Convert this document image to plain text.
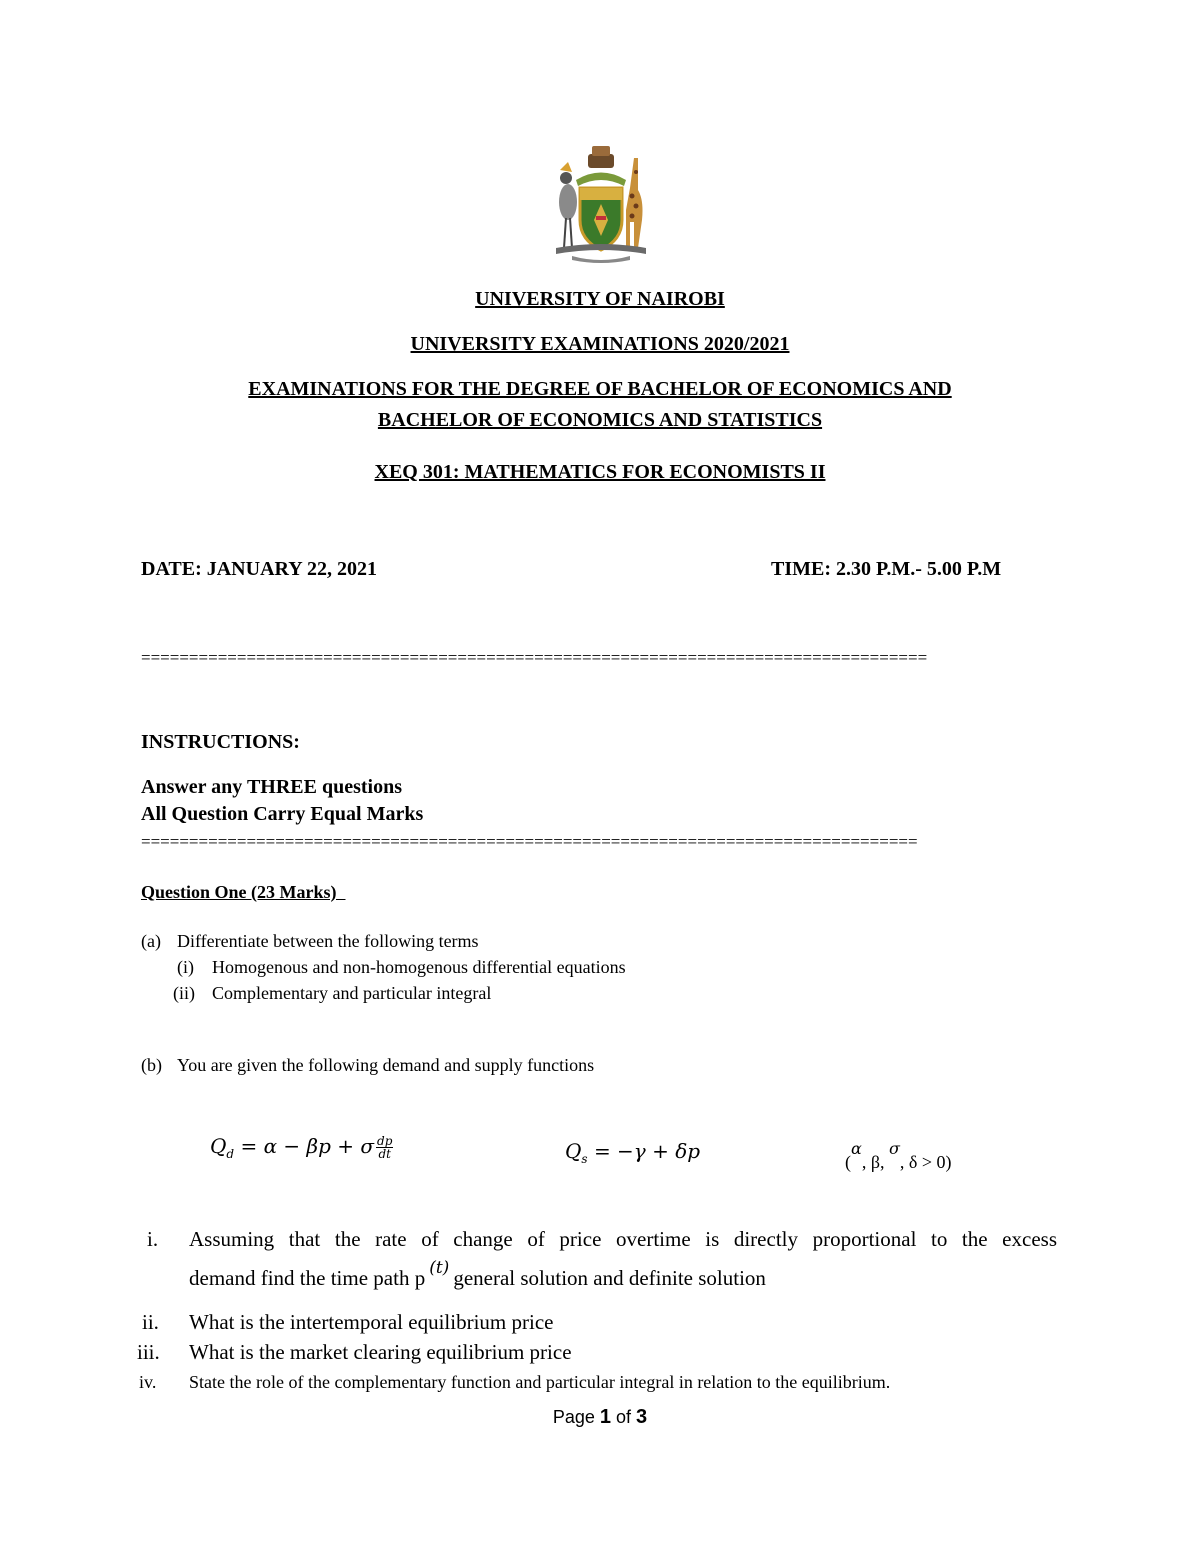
UNIVERSITY OF NAIROBI
UNIVERSITY EXAMINATIONS 2020/2021
EXAMINATIONS FOR THE DEGREE OF BACHELOR OF ECONOMICS AND
BACHELOR OF ECONOMICS AND STATISTICS
XEQ 301: MATHEMATICS FOR ECONOMISTS II
DATE: JANUARY 22, 2021	TIME: 2.30 P.M.- 5.00 P.M
==================================================================================
INSTRUCTIONS:
Answer any THREE questions
All Question Carry Equal Marks
=================================================================================
Question One (23 Marks)
(a) Differentiate between the following terms
(i) Homogenous and non-homogenous differential equations
(ii) Complementary and particular integral
(b) You are given the following demand and supply functions
$Q_d = \alpha - \beta p + \sigma \frac{dp}{dt}$	$Q_s = -\gamma + \delta p$	(α, β, σ, δ > 0)
i. Assuming that the rate of change of price overtime is directly proportional to the excess
demand find the time path p $^{(t)}$ general solution and definite solution
ii. What is the intertemporal equilibrium price
iii. What is the market clearing equilibrium price
iv. State the role of the complementary function and particular integral in relation to the equilibrium.
Page 1 of 3
